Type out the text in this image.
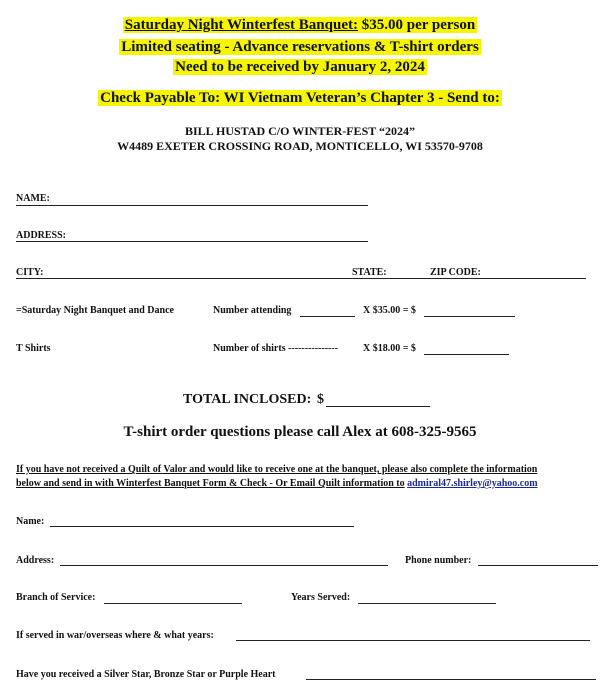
Saturday Night Winterfest Banquet: $35.00 per person
Limited seating - Advance reservations & T-shirt orders
Need to be received by January 2, 2024
Check Payable To: WI Vietnam Veteran’s Chapter 3 - Send to:
BILL HUSTAD C/O WINTER-FEST “2024”
W4489 EXETER CROSSING ROAD, MONTICELLO, WI 53570-9708
NAME:
ADDRESS:
CITY:	STATE:	ZIP CODE:
=Saturday Night Banquet and Dance	Number attending	X $35.00 = $
T Shirts	Number of shirts --------------- X $18.00 = $
TOTAL INCLOSED: $
T-shirt order questions please call Alex at 608-325-9565
If you have not received a Quilt of Valor and would like to receive one at the banquet, please also complete the information
below and send in with Winterfest Banquet Form & Check - Or Email Quilt information to admiral47.shirley@yahoo.com
Name:
Address:	Phone number:
Branch of Service:	Years Served:
If served in war/overseas where & what years:
Have you received a Silver Star, Bronze Star or Purple Heart
